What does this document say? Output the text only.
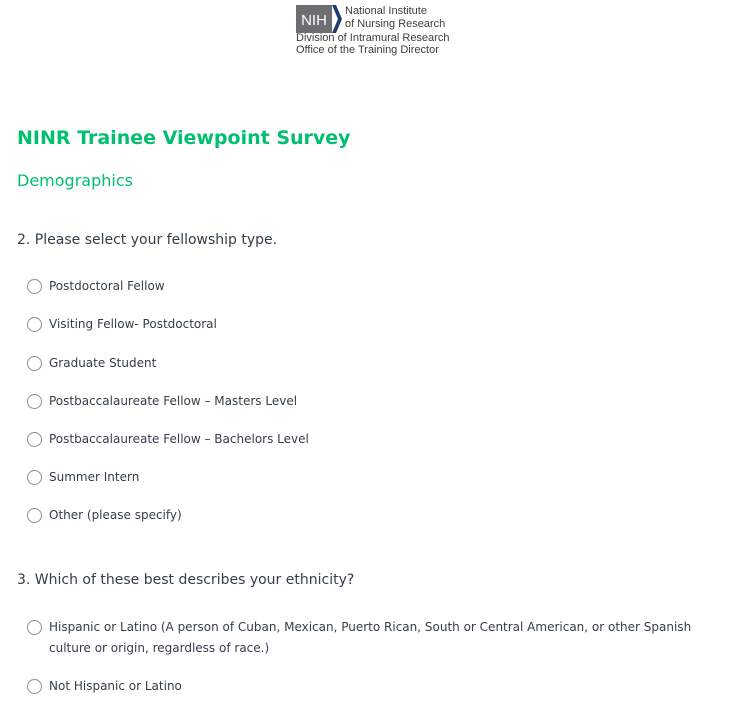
NIH
National Institute
of Nursing Research
Division of Intramural Research
Office of the Training Director
NINR Trainee Viewpoint Survey
Demographics

2. Please select your fellowship type.

Postdoctoral Fellow
Visiting Fellow- Postdoctoral
Graduate Student
Postbaccalaureate Fellow – Masters Level
Postbaccalaureate Fellow – Bachelors Level
Summer Intern
Other (please specify)

3. Which of these best describes your ethnicity?

Hispanic or Latino (A person of Cuban, Mexican, Puerto Rican, South or Central American, or other Spanish culture or origin, regardless of race.)
Not Hispanic or Latino
